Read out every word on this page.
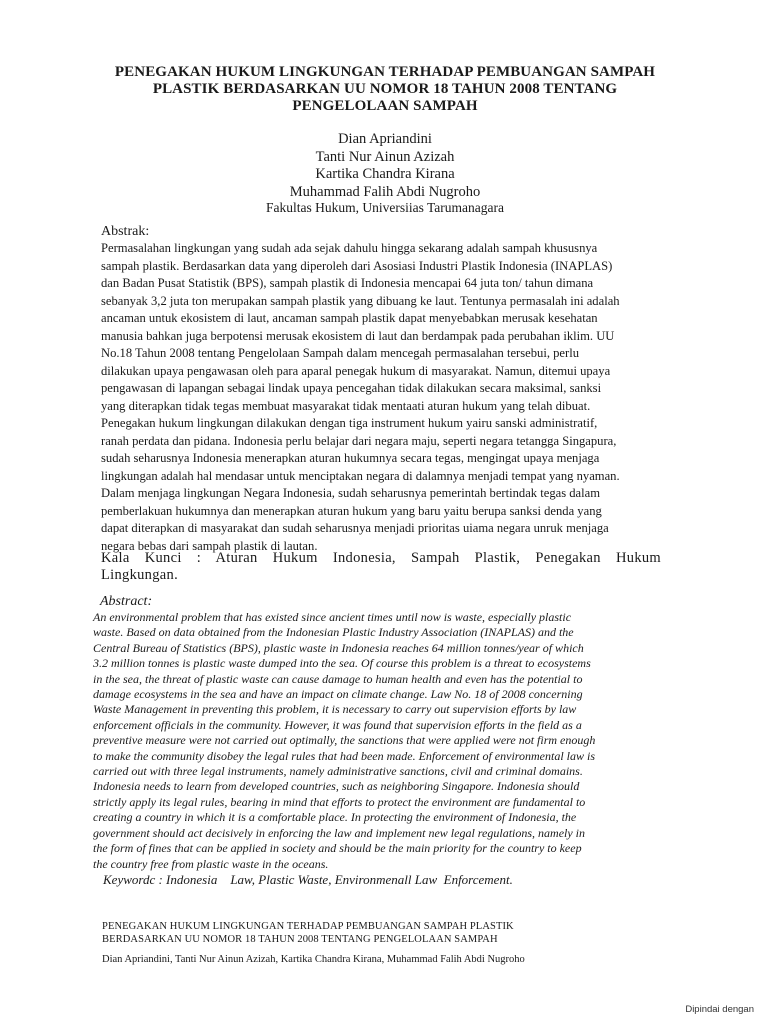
PENEGAKAN HUKUM LINGKUNGAN TERHADAP PEMBUANGAN SAMPAH
PLASTIK BERDASARKAN UU NOMOR 18 TAHUN 2008 TENTANG
PENGELOLAAN SAMPAH
Dian Apriandini
Tanti Nur Ainun Azizah
Kartika Chandra Kirana
Muhammad Falih Abdi Nugroho
Fakultas Hukum, Universiias Tarumanagara
Abstrak:
Permasalahan lingkungan yang sudah ada sejak dahulu hingga sekarang adalah sampah khususnya
sampah plastik. Berdasarkan data yang diperoleh dari Asosiasi Industri Plastik Indonesia (INAPLAS)
dan Badan Pusat Statistik (BPS), sampah plastik di Indonesia mencapai 64 juta ton/ tahun dimana
sebanyak 3,2 juta ton merupakan sampah plastik yang dibuang ke laut. Tentunya permasalah ini adalah
ancaman untuk ekosistem di laut, ancaman sampah plastik dapat menyebabkan merusak kesehatan
manusia bahkan juga berpotensi merusak ekosistem di laut dan berdampak pada perubahan iklim. UU
No.18 Tahun 2008 tentang Pengelolaan Sampah dalam mencegah permasalahan tersebui, perlu
dilakukan upaya pengawasan oleh para aparal penegak hukum di masyarakat. Namun, ditemui upaya
pengawasan di lapangan sebagai lindak upaya pencegahan tidak dilakukan secara maksimal, sanksi
yang diterapkan tidak tegas membuat masyarakat tidak mentaati aturan hukum yang telah dibuat.
Penegakan hukum lingkungan dilakukan dengan tiga instrument hukum yairu sanski administratif,
ranah perdata dan pidana. Indonesia perlu belajar dari negara maju, seperti negara tetangga Singapura,
sudah seharusnya Indonesia menerapkan aturan hukumnya secara tegas, mengingat upaya menjaga
lingkungan adalah hal mendasar untuk menciptakan negara di dalamnya menjadi tempat yang nyaman.
Dalam menjaga lingkungan Negara Indonesia, sudah seharusnya pemerintah bertindak tegas dalam
pemberlakuan hukumnya dan menerapkan aturan hukum yang baru yaitu berupa sanksi denda yang
dapat diterapkan di masyarakat dan sudah seharusnya menjadi prioritas uiama negara unruk menjaga
negara bebas dari sampah plastik di lautan.
Kala Kunci : Aturan Hukum Indonesia, Sampah Plastik, Penegakan Hukum
Lingkungan.
Abstract:
An environmental problem that has existed since ancient times until now is waste, especially plastic
waste. Based on data obtained from the Indonesian Plastic Industry Association (INAPLAS) and the
Central Bureau of Statistics (BPS), plastic waste in Indonesia reaches 64 million tonnes/year of which
3.2 million tonnes is plastic waste dumped into the sea. Of course this problem is a threat to ecosystems
in the sea, the threat of plastic waste can cause damage to human health and even has the potential to
damage ecosystems in the sea and have an impact on climate change. Law No. 18 of 2008 concerning
Waste Management in preventing this problem, it is necessary to carry out supervision efforts by law
enforcement officials in the community. However, it was found that supervision efforts in the field as a
preventive measure were not carried out optimally, the sanctions that were applied were not firm enough
to make the community disobey the legal rules that had been made. Enforcement of environmental law is
carried out with three legal instruments, namely administrative sanctions, civil and criminal domains.
Indonesia needs to learn from developed countries, such as neighboring Singapore. Indonesia should
strictly apply its legal rules, bearing in mind that efforts to protect the environment are fundamental to
creating a country in which it is a comfortable place. In protecting the environment of Indonesia, the
government should act decisively in enforcing the law and implement new legal regulations, namely in
the form of fines that can be applied in society and should be the main priority for the country to keep
the country free from plastic waste in the oceans.
Keywordc : Indonesia    Law, Plastic Waste, Environmenall Law  Enforcement.
PENEGAKAN HUKUM LINGKUNGAN TERHADAP PEMBUANGAN SAMPAH PLASTIK
BERDASARKAN UU NOMOR 18 TAHUN 2008 TENTANG PENGELOLAAN SAMPAH
Dian Apriandini, Tanti Nur Ainun Azizah, Kartika Chandra Kirana, Muhammad Falih Abdi Nugroho
Dipindai dengan
